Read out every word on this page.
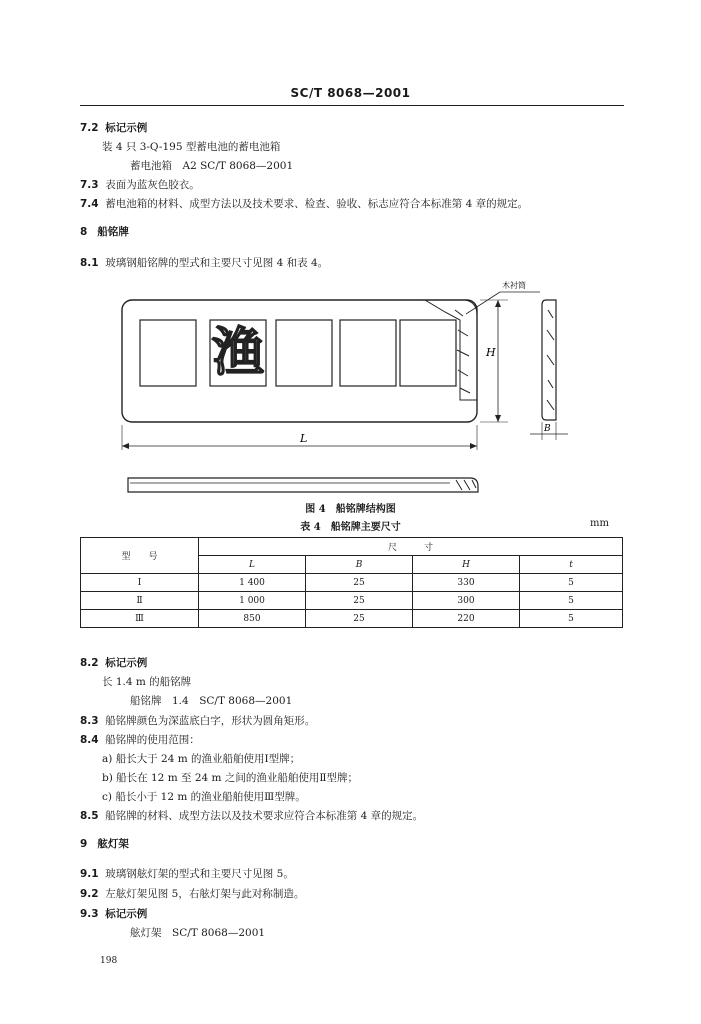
SC/T 8068—2001
7.2 标记示例
装 4 只 3-Q-195 型蓄电池的蓄电池箱
蓄电池箱　A2 SC/T 8068—2001
7.3 表面为蓝灰色胶衣。
7.4 蓄电池箱的材料、成型方法以及技术要求、检查、验收、标志应符合本标准第 4 章的规定。
8 船铭牌
8.1 玻璃钢船铭牌的型式和主要尺寸见图 4 和表 4。
渔
木衬筒
H
L
B
图 4　船铭牌结构图
表 4　船铭牌主要尺寸	mm
型　　号	尺　　　寸			
	L	B	H	t
Ⅰ	1 400	25	330	5
Ⅱ	1 000	25	300	5
Ⅲ	850	25	220	5
8.2 标记示例
长 1.4 m 的船铭牌
船铭牌　1.4　SC/T 8068—2001
8.3 船铭牌颜色为深蓝底白字，形状为圆角矩形。
8.4 船铭牌的使用范围：
a) 船长大于 24 m 的渔业船舶使用Ⅰ型牌；
b) 船长在 12 m 至 24 m 之间的渔业船舶使用Ⅱ型牌；
c) 船长小于 12 m 的渔业船舶使用Ⅲ型牌。
8.5 船铭牌的材料、成型方法以及技术要求应符合本标准第 4 章的规定。
9 舷灯架
9.1 玻璃钢舷灯架的型式和主要尺寸见图 5。
9.2 左舷灯架见图 5，右舷灯架与此对称制造。
9.3 标记示例
舷灯架　SC/T 8068—2001
198
